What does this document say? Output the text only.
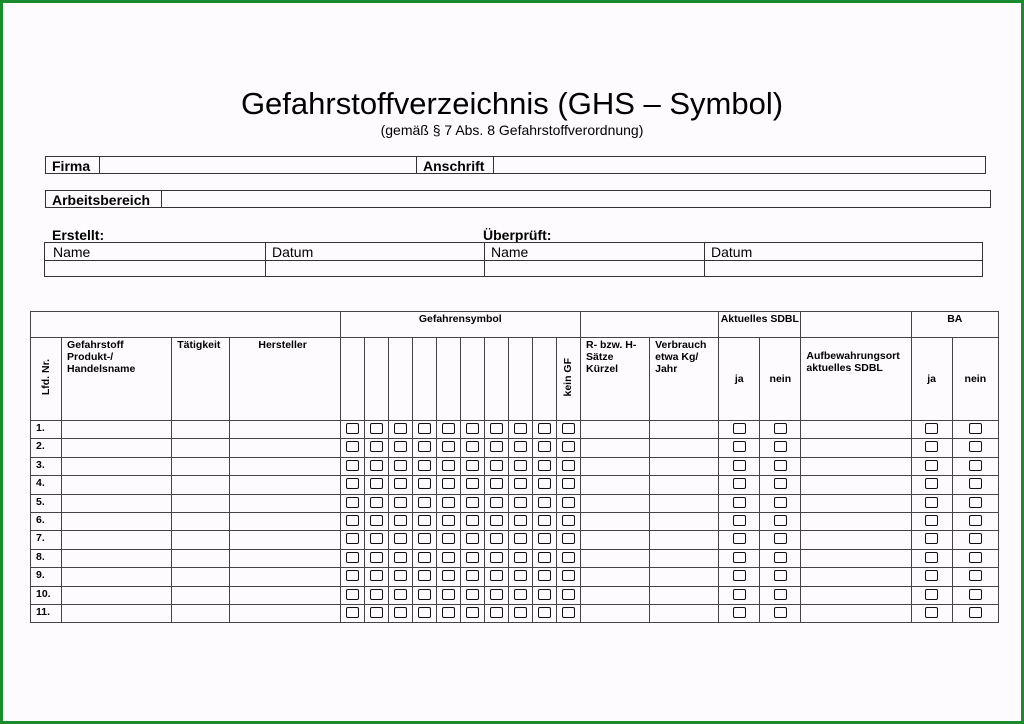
Gefahrstoffverzeichnis (GHS – Symbol)
(gemäß § 7 Abs. 8 Gefahrstoffverordnung)
Firma	Anschrift
Arbeitsbereich
Erstellt:	Überprüft:
Name	Datum	Name	Datum
				Gefahrensymbol												Aktuelles SDBL			BA	
Lfd. Nr.	Gefahrstoff Produkt-/ Handelsname	Tätigkeit	Hersteller										kein GF	R- bzw. H-Sätze Kürzel	Verbrauch etwa Kg/ Jahr	ja	nein	Aufbewahrungsort aktuelles SDBL	ja	nein
1.				

2.				

3.				

4.				

5.				

6.				

7.				

8.				

9.				

10.				

11.				
